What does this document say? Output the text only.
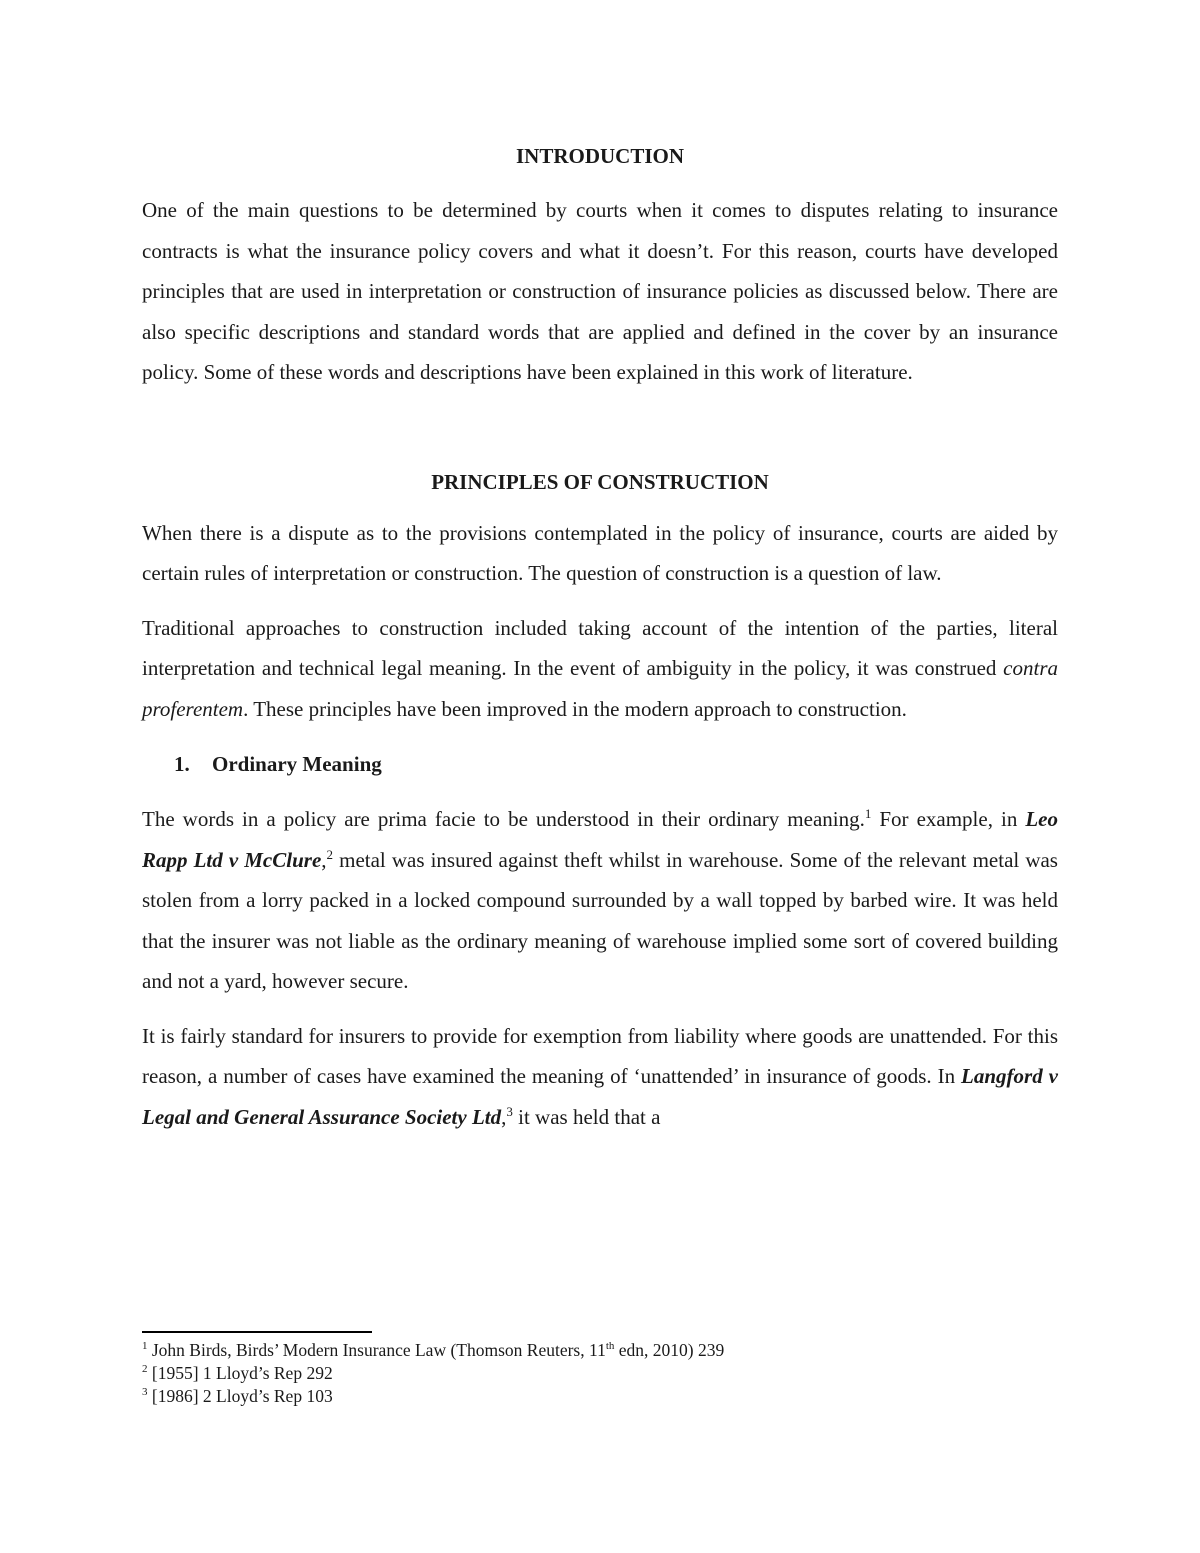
INTRODUCTION

One of the main questions to be determined by courts when it comes to disputes relating to insurance contracts is what the insurance policy covers and what it doesn’t. For this reason, courts have developed principles that are used in interpretation or construction of insurance policies as discussed below. There are also specific descriptions and standard words that are applied and defined in the cover by an insurance policy. Some of these words and descriptions have been explained in this work of literature.

PRINCIPLES OF CONSTRUCTION

When there is a dispute as to the provisions contemplated in the policy of insurance, courts are aided by certain rules of interpretation or construction. The question of construction is a question of law.

Traditional approaches to construction included taking account of the intention of the parties, literal interpretation and technical legal meaning. In the event of ambiguity in the policy, it was construed contra proferentem. These principles have been improved in the modern approach to construction.

1. Ordinary Meaning

The words in a policy are prima facie to be understood in their ordinary meaning.$^1$ For example, in Leo Rapp Ltd v McClure,$^2$ metal was insured against theft whilst in warehouse. Some of the relevant metal was stolen from a lorry packed in a locked compound surrounded by a wall topped by barbed wire. It was held that the insurer was not liable as the ordinary meaning of warehouse implied some sort of covered building and not a yard, however secure.

It is fairly standard for insurers to provide for exemption from liability where goods are unattended. For this reason, a number of cases have examined the meaning of ‘unattended’ in insurance of goods. In Langford v Legal and General Assurance Society Ltd,$^3$ it was held that a

$^1$ John Birds, Birds’ Modern Insurance Law (Thomson Reuters, 11th edn, 2010) 239
$^2$ [1955] 1 Lloyd’s Rep 292
$^3$ [1986] 2 Lloyd’s Rep 103
